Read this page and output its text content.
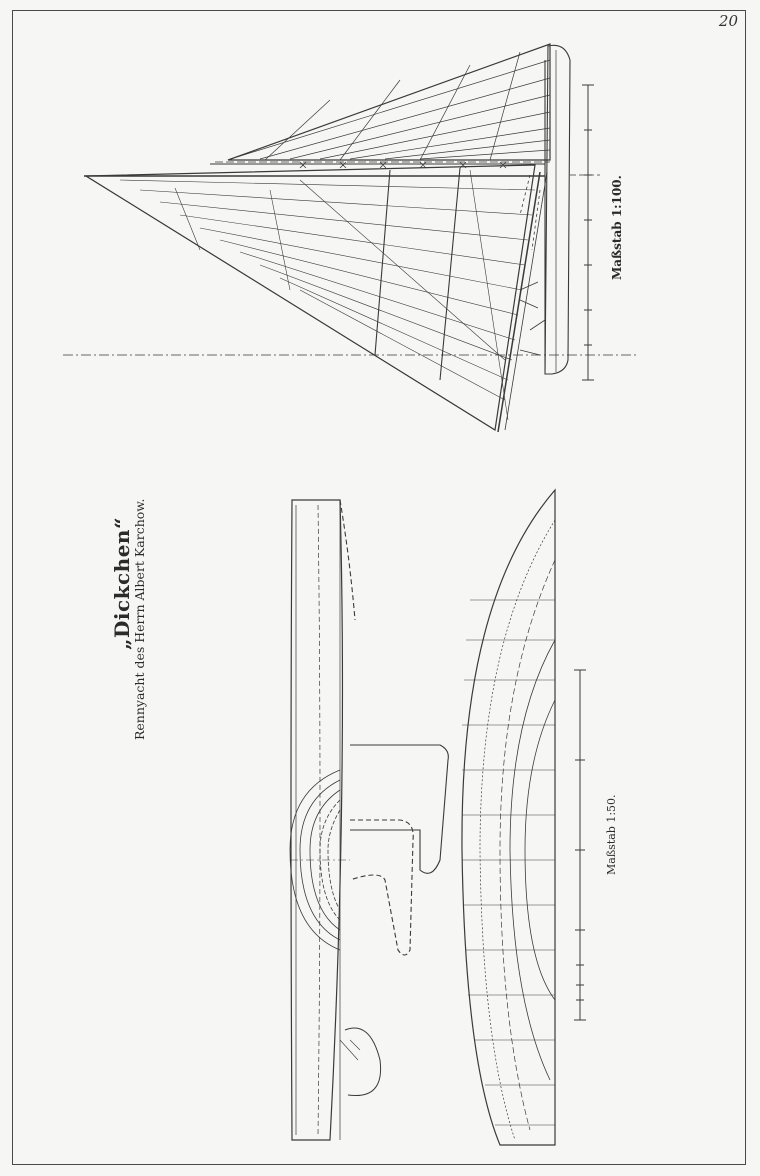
20
„Dickchen“
Rennyacht des Herrn Albert Karchow.
Maßstab 1:100.
Maßstab 1:50.
